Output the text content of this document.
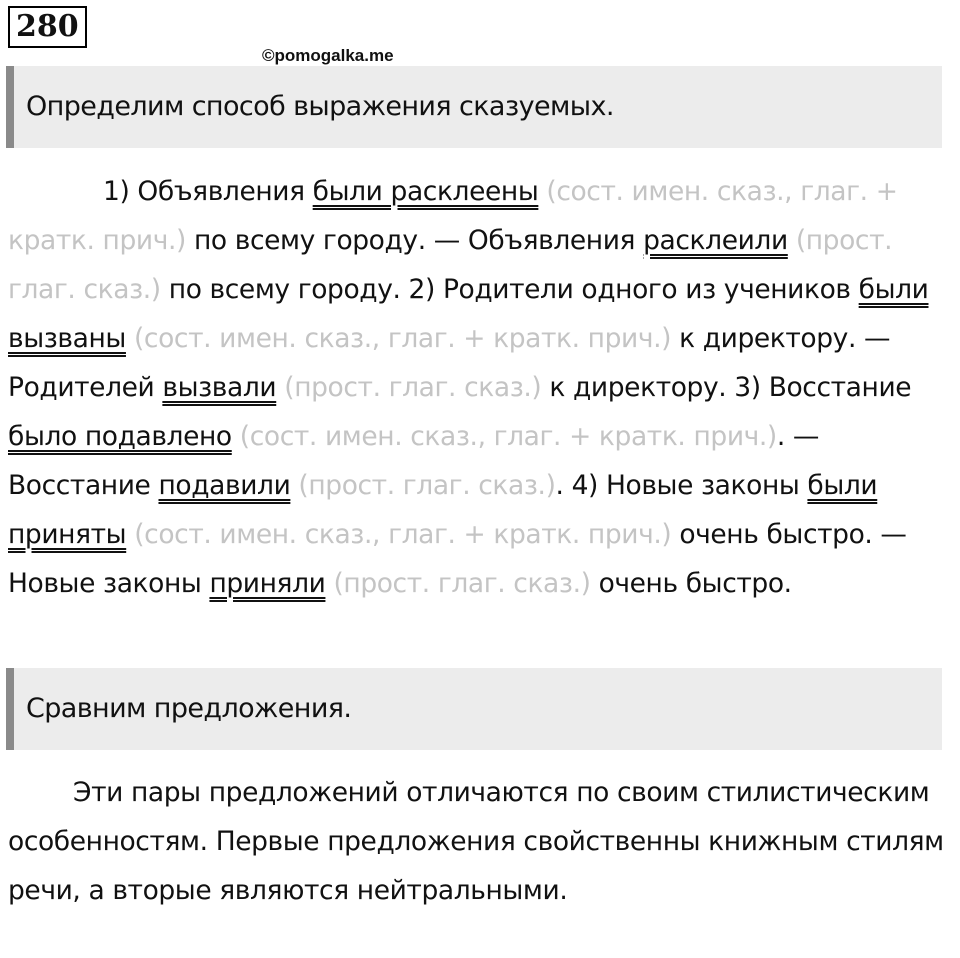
280
©pomogalka.me
Определим способ выражения сказуемых.

1) Объявления были расклеены (сост. имен. сказ., глаг. + кратк. прич.) по всему городу. — Объявления расклеили (прост. глаг. сказ.) по всему городу. 2) Родители одного из учеников были вызваны (сост. имен. сказ., глаг. + кратк. прич.) к директору. — Родителей вызвали (прост. глаг. сказ.) к директору. 3) Восстание было подавлено (сост. имен. сказ., глаг. + кратк. прич.). — Восстание подавили (прост. глаг. сказ.). 4) Новые законы были приняты (сост. имен. сказ., глаг. + кратк. прич.) очень быстро. — Новые законы приняли (прост. глаг. сказ.) очень быстро.

Сравним предложения.

Эти пары предложений отличаются по своим стилистическим особенностям. Первые предложения свойственны книжным стилям речи, а вторые являются нейтральными.
